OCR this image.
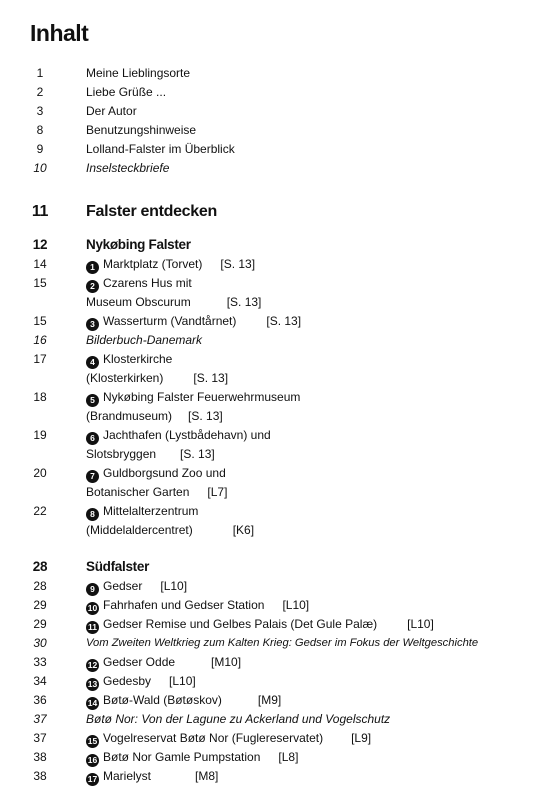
Inhalt
1	Meine Lieblingsorte
2	Liebe Grüße ...
3	Der Autor
8	Benutzungshinweise
9	Lolland-Falster im Überblick
10	Inselsteckbriefe
11	Falster entdecken
12	Nykøbing Falster
14	1 Marktplatz (Torvet) [S. 13]
15	2 Czarens Hus mit
Museum Obscurum	[S. 13]
15	3 Wasserturm (Vandtårnet)	[S. 13]
16	Bilderbuch-Danemark
17	4 Klosterkirche
(Klosterkirken)	[S. 13]
18	5 Nykøbing Falster Feuerwehrmuseum
(Brandmuseum) [S. 13]
19	6 Jachthafen (Lystbådehavn) und
Slotsbryggen [S. 13]
20	7 Guldborgsund Zoo und
Botanischer Garten [L7]
22	8 Mittelalterzentrum
(Middelaldercentret)	[K6]
28	Südfalster
28	9 Gedser [L10]
29	10 Fahrhafen und Gedser Station [L10]
29	11 Gedser Remise und Gelbes Palais (Det Gule Palæ)	[L10]
30	Vom Zweiten Weltkrieg zum Kalten Krieg: Gedser im Fokus der Weltgeschichte
33	12 Gedser Odde	[M10]
34	13 Gedesby [L10]
36	14 Bøtø-Wald (Bøtøskov)	[M9]
37	Bøtø Nor: Von der Lagune zu Ackerland und Vogelschutz
37	15 Vogelreservat Bøtø Nor (Fuglereservatet) [L9]
38	16 Bøtø Nor Gamle Pumpstation [L8]
38	17 Marielyst	[M8]
